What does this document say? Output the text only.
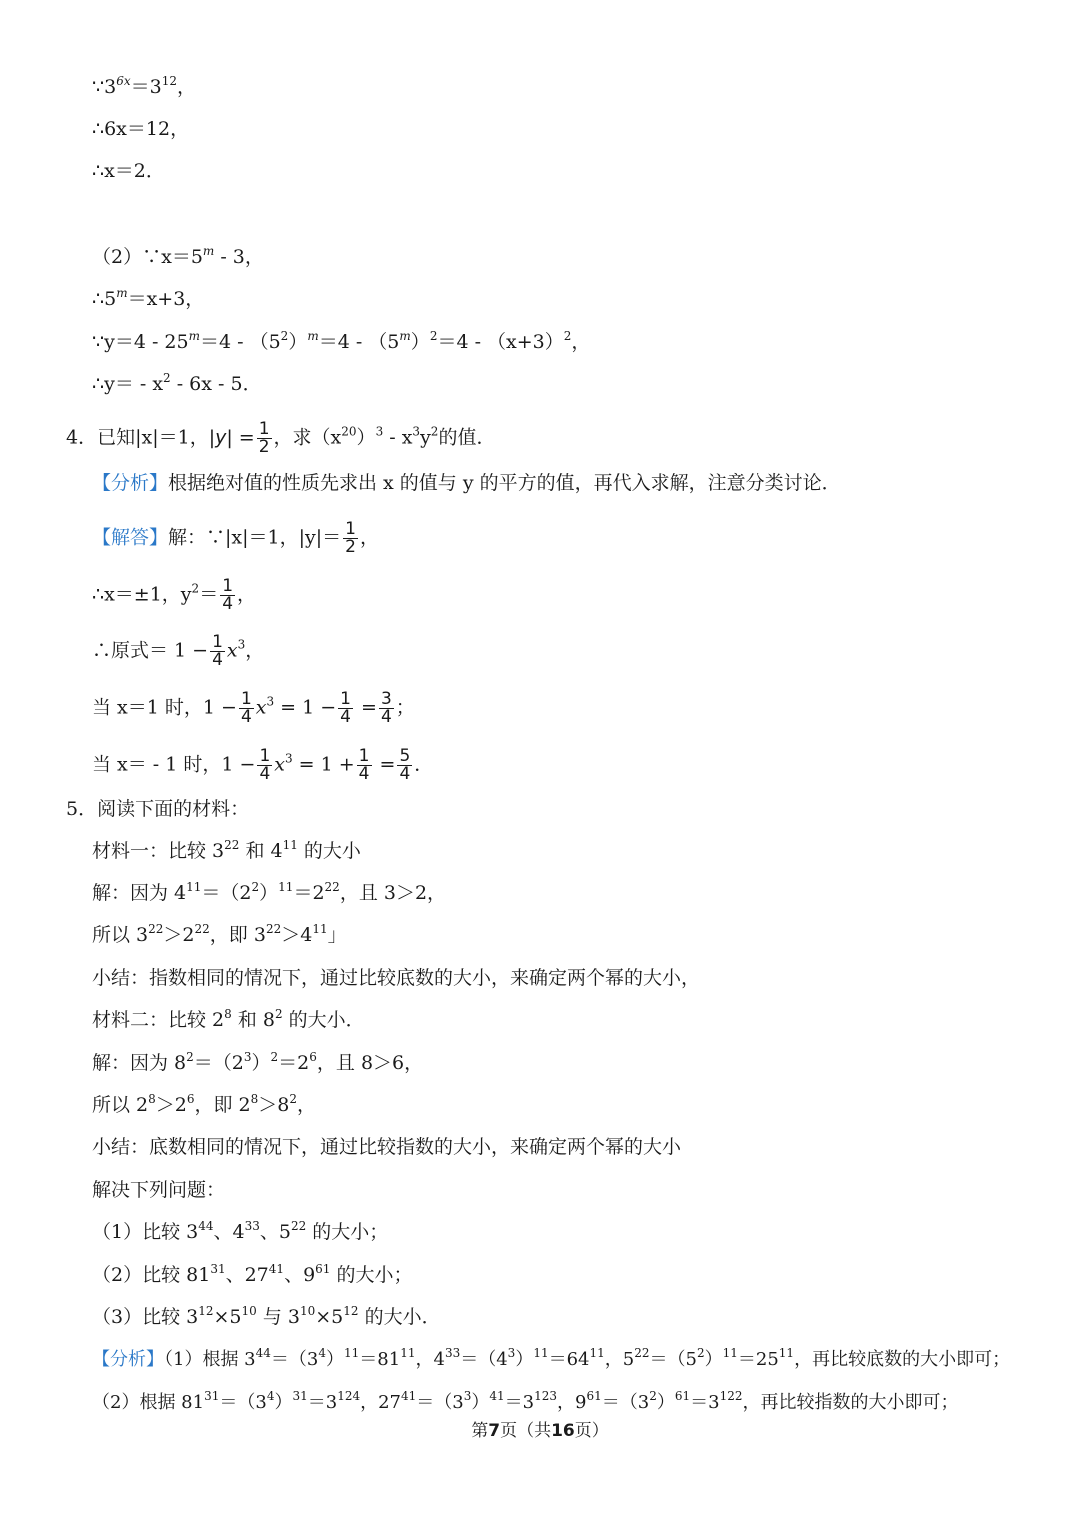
$\because 3^{6x}=3^{12}$，
∴6x＝12，
∴x＝2．
$(2)\because x=5^m - 3$，
$\therefore 5^m=x+3$，
∵y＝4 - $25^m=4 - (5^2)^m=4 - (5^m)^2=4 - (x+3)^2$，
∴y＝ - $x^2 - 6x - 5$．
4．已知|x|＝1，$|y| = \frac{1}{2}$ ，求$(x^{20})^3 - x^3y^2$的值．
【分析】根据绝对值的性质先求出 x 的值与 y 的平方的值，再代入求解，注意分类讨论．
【解答】解：∵|x|＝1，$|y|= \frac{1}{2}$ ，
∴x＝±1，$y^2= \frac{1}{4}$ ，
∴原式＝ $1 - \frac{1}{4} x^3$，
当 x＝1 时，$1 - \frac{1}{4} x^3 = 1 - \frac{1}{4} = \frac{3}{4}$ ；
当 x＝ - 1 时，$1 - \frac{1}{4} x^3 = 1 + \frac{1}{4} = \frac{5}{4}$ ．
5．阅读下面的材料：
材料一：比较 $3^{22}$ 和 $4^{11}$ 的大小
解：因为 $4^{11}=(2^2)^{11}=2^{22}$，且 3＞2，
所以 $3^{22}>2^{22}$，即 $3^{22}>4^{11}$」
小结：指数相同的情况下，通过比较底数的大小，来确定两个幂的大小，
材料二：比较 $2^8$ 和 $8^2$ 的大小．
解：因为 $8^2=(2^3)^2=2^6$，且 8＞6，
所以 $2^8>2^6$，即 $2^8>8^2$，
小结：底数相同的情况下，通过比较指数的大小，来确定两个幂的大小
解决下列问题：
（1）比较 $3^{44}$、$4^{33}$、$5^{22}$ 的大小；
（2）比较 $81^{31}$、$27^{41}$、$9^{61}$ 的大小；
（3）比较 $3^{12}\times 5^{10}$ 与 $3^{10}\times 5^{12}$ 的大小．
【分析】（1）根据 $3^{44}=(3^4)^{11}=81^{11}$，$4^{33}=(4^3)^{11}=64^{11}$，$5^{22}=(5^2)^{11}=25^{11}$，再比较底数的大小即可；
（2）根据 $81^{31}=(3^4)^{31}=3^{124}$，$27^{41}=(3^3)^{41}=3^{123}$，$9^{61}=(3^2)^{61}=3^{122}$，再比较指数的大小即可；
第7页（共16页）
